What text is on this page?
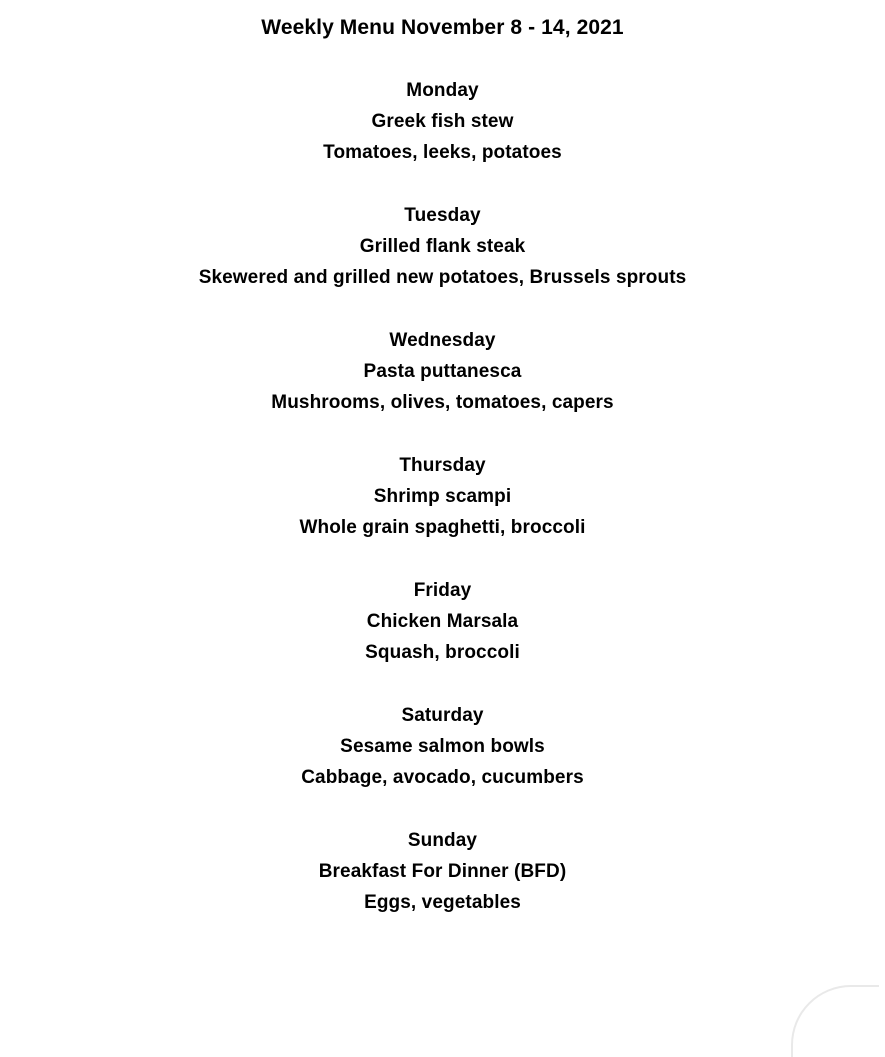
Weekly Menu November 8 - 14, 2021
Monday
Greek fish stew
Tomatoes, leeks, potatoes
Tuesday
Grilled flank steak
Skewered and grilled new potatoes, Brussels sprouts
Wednesday
Pasta puttanesca
Mushrooms, olives, tomatoes, capers
Thursday
Shrimp scampi
Whole grain spaghetti, broccoli
Friday
Chicken Marsala
Squash, broccoli
Saturday
Sesame salmon bowls
Cabbage, avocado, cucumbers
Sunday
Breakfast For Dinner (BFD)
Eggs, vegetables
